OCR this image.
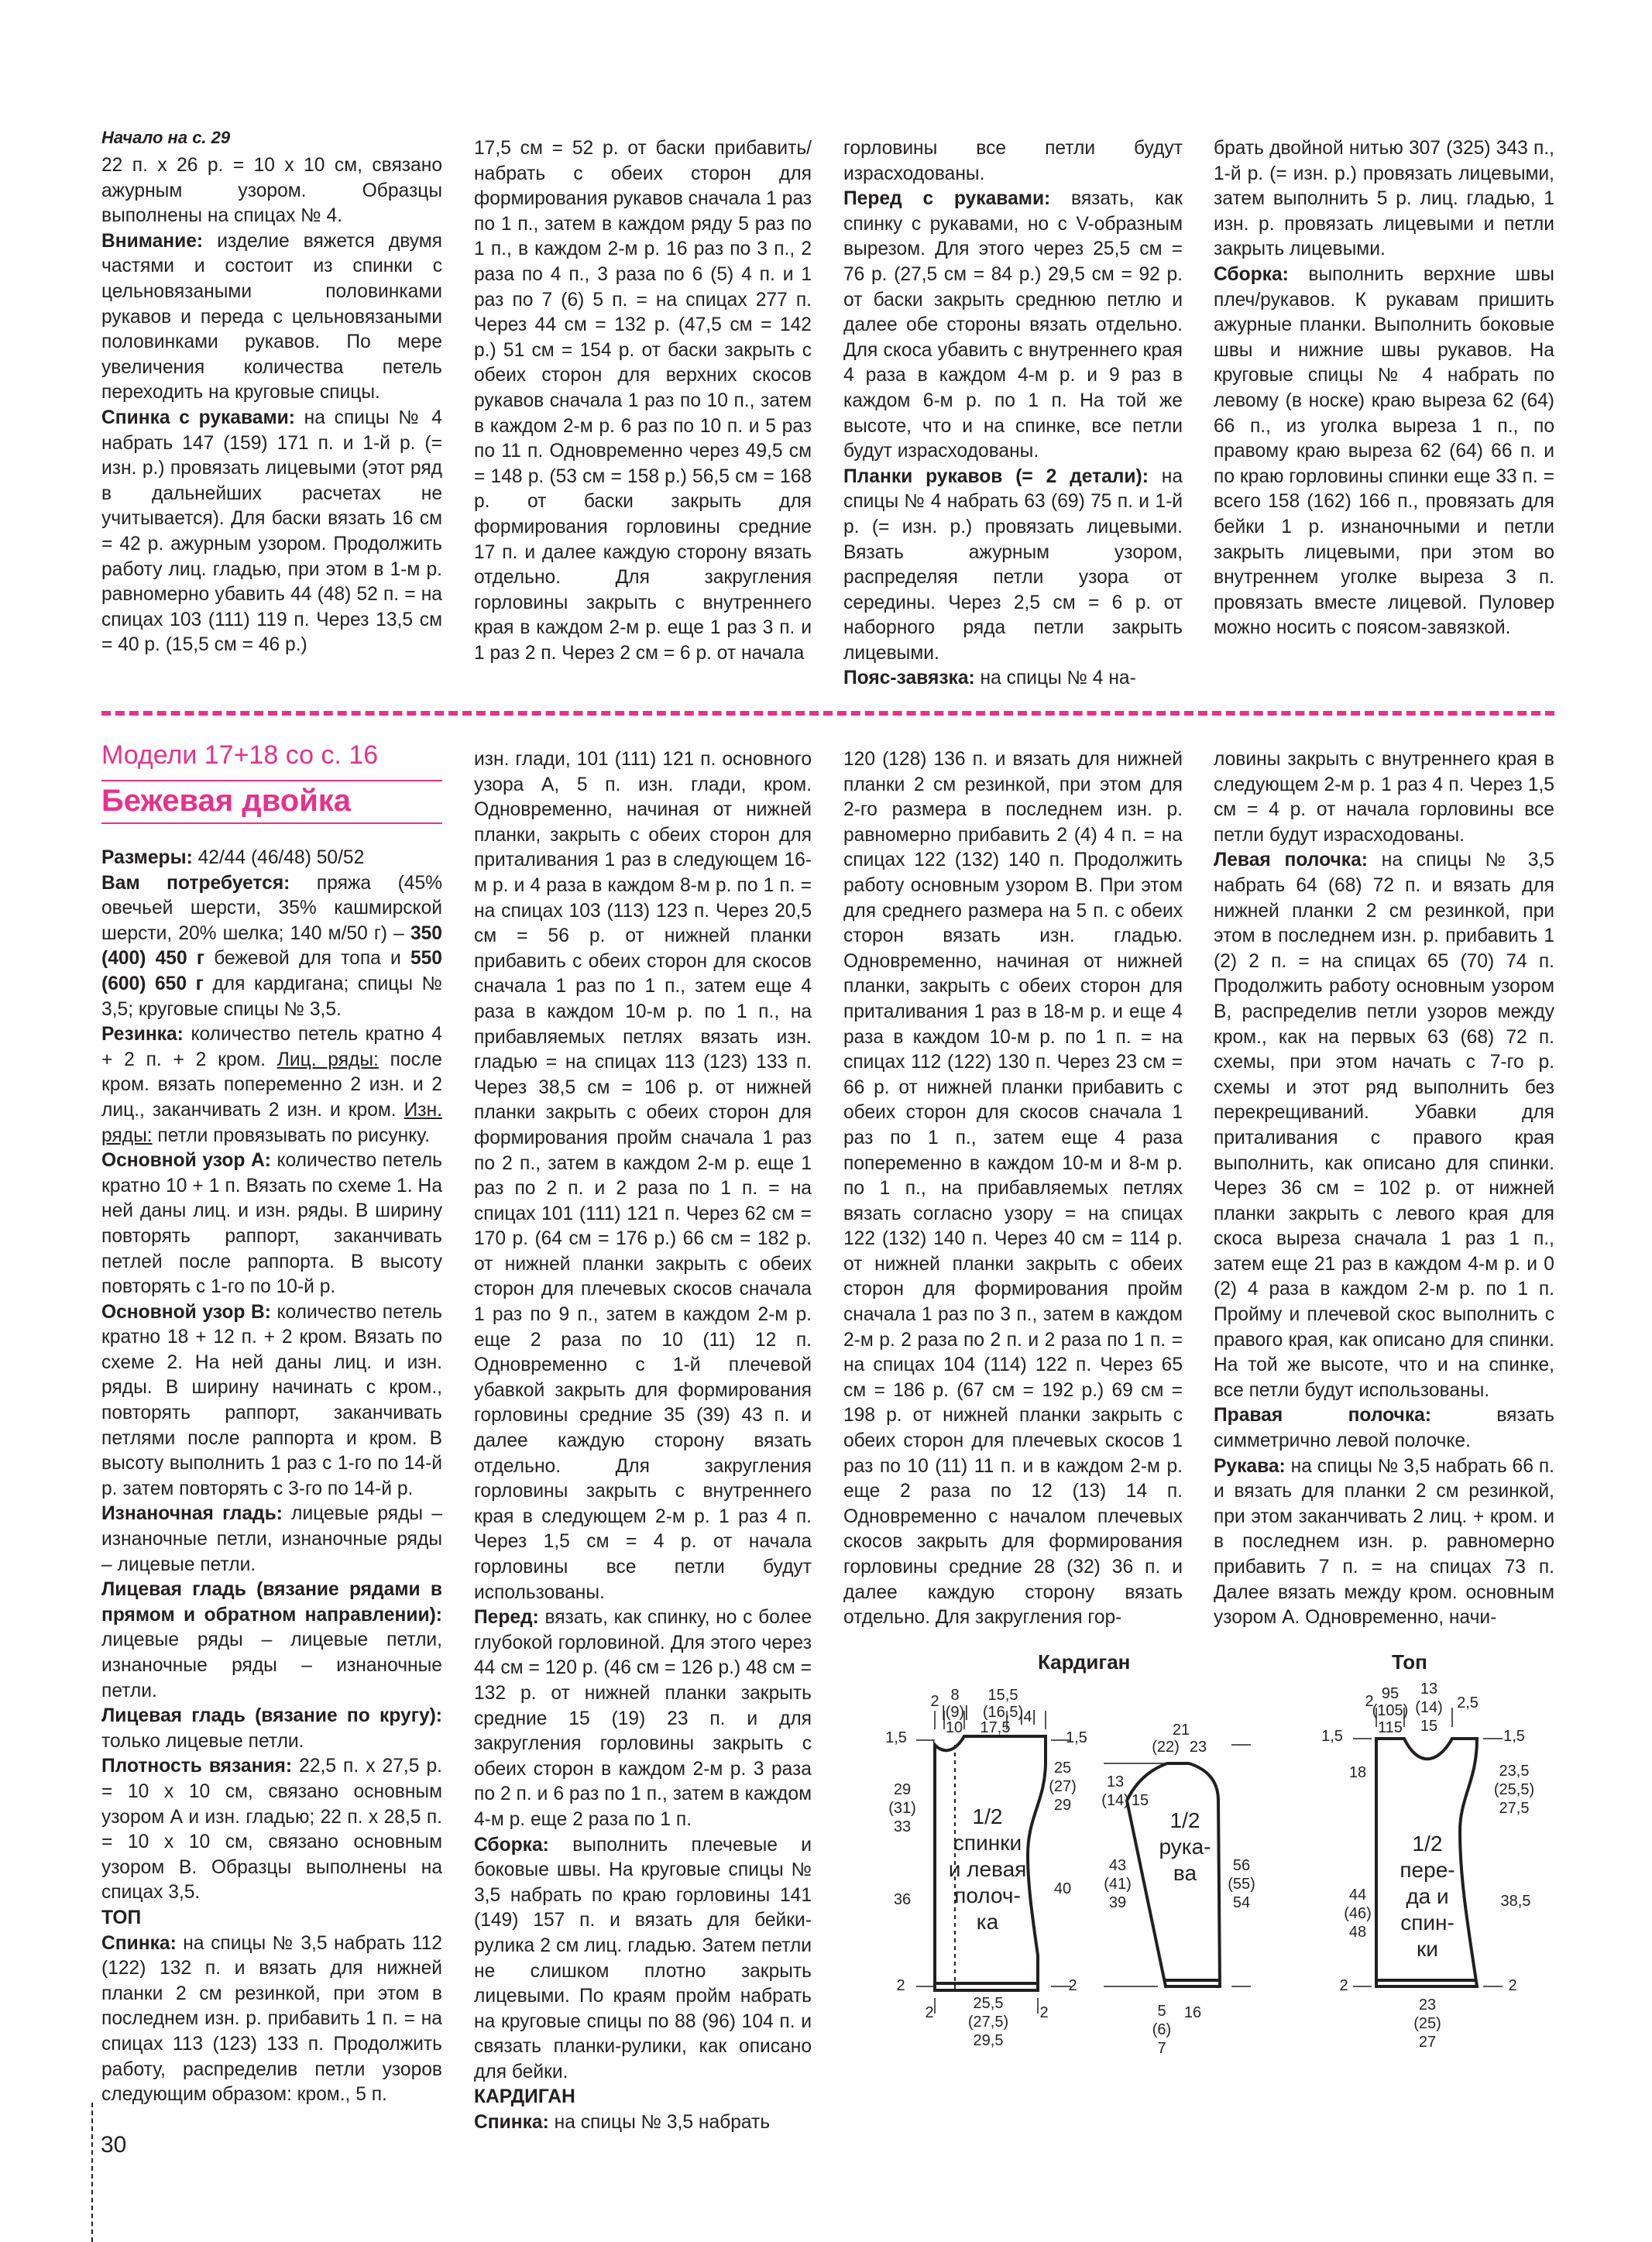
Начало на с. 29

22 п. х 26 р. = 10 х 10 см, связано ажурным узором. Образцы выполнены на спицах № 4.

Внимание: изделие вяжется двумя частями и состоит из спинки с цельновязаными половинками рукавов и переда с цельновязаными половинками рукавов. По мере увеличения количества петель переходить на круговые спицы.

Спинка с рукавами: на спицы № 4 набрать 147 (159) 171 п. и 1-й р. (= изн. р.) провязать лицевыми (этот ряд в дальнейших расчетах не учитывается). Для баски вязать 16 см = 42 р. ажурным узором. Продолжить работу лиц. гладью, при этом в 1-м р. равномерно убавить 44 (48) 52 п. = на спицах 103 (111) 119 п. Через 13,5 см = 40 р. (15,5 см = 46 р.)

17,5 см = 52 р. от баски прибавить/набрать с обеих сторон для формирования рукавов сначала 1 раз по 1 п., затем в каждом ряду 5 раз по 1 п., в каждом 2-м р. 16 раз по 3 п., 2 раза по 4 п., 3 раза по 6 (5) 4 п. и 1 раз по 7 (6) 5 п. = на спицах 277 п. Через 44 см = 132 р. (47,5 см = 142 р.) 51 см = 154 р. от баски закрыть с обеих сторон для верхних скосов рукавов сначала 1 раз по 10 п., затем в каждом 2-м р. 6 раз по 10 п. и 5 раз по 11 п. Одновременно через 49,5 см = 148 р. (53 см = 158 р.) 56,5 см = 168 р. от баски закрыть для формирования горловины средние 17 п. и далее каждую сторону вязать отдельно. Для закругления горловины закрыть с внутреннего края в каждом 2-м р. еще 1 раз 3 п. и 1 раз 2 п. Через 2 см = 6 р. от начала

горловины все петли будут израсходованы.

Перед с рукавами: вязать, как спинку с рукавами, но с V-образным вырезом. Для этого через 25,5 см = 76 р. (27,5 см = 84 р.) 29,5 см = 92 р. от баски закрыть среднюю петлю и далее обе стороны вязать отдельно. Для скоса убавить с внутреннего края 4 раза в каждом 4-м р. и 9 раз в каждом 6-м р. по 1 п. На той же высоте, что и на спинке, все петли будут израсходованы.

Планки рукавов (= 2 детали): на спицы № 4 набрать 63 (69) 75 п. и 1-й р. (= изн. р.) провязать лицевыми. Вязать ажурным узором, распределяя петли узора от середины. Через 2,5 см = 6 р. от наборного ряда петли закрыть лицевыми.

Пояс-завязка: на спицы № 4 на-

брать двойной нитью 307 (325) 343 п., 1-й р. (= изн. р.) провязать лицевыми, затем выполнить 5 р. лиц. гладью, 1 изн. р. провязать лицевыми и петли закрыть лицевыми.

Сборка: выполнить верхние швы плеч/рукавов. К рукавам пришить ажурные планки. Выполнить боковые швы и нижние швы рукавов. На круговые спицы № 4 набрать по левому (в носке) краю выреза 62 (64) 66 п., из уголка выреза 1 п., по правому краю выреза 62 (64) 66 п. и по краю горловины спинки еще 33 п. = всего 158 (162) 166 п., провязать для бейки 1 р. изнаночными и петли закрыть лицевыми, при этом во внутреннем уголке выреза 3 п. провязать вместе лицевой. Пуловер можно носить с поясом-завязкой.

Модели 17+18 со с. 16
Бежевая двойка

Размеры: 42/44 (46/48) 50/52

Вам потребуется: пряжа (45% овечьей шерсти, 35% кашмирской шерсти, 20% шелка; 140 м/50 г) – 350 (400) 450 г бежевой для топа и 550 (600) 650 г для кардигана; спицы № 3,5; круговые спицы № 3,5.

Резинка: количество петель кратно 4 + 2 п. + 2 кром. Лиц. ряды: после кром. вязать попеременно 2 изн. и 2 лиц., заканчивать 2 изн. и кром. Изн. ряды: петли провязывать по рисунку.

Основной узор А: количество петель кратно 10 + 1 п. Вязать по схеме 1. На ней даны лиц. и изн. ряды. В ширину повторять раппорт, заканчивать петлей после раппорта. В высоту повторять с 1-го по 10-й р.

Основной узор В: количество петель кратно 18 + 12 п. + 2 кром. Вязать по схеме 2. На ней даны лиц. и изн. ряды. В ширину начинать с кром., повторять раппорт, заканчивать петлями после раппорта и кром. В высоту выполнить 1 раз с 1-го по 14-й р. затем повторять с 3-го по 14-й р.

Изнаночная гладь: лицевые ряды – изнаночные петли, изнаночные ряды – лицевые петли.

Лицевая гладь (вязание рядами в прямом и обратном направлении): лицевые ряды – лицевые петли, изнаночные ряды – изнаночные петли.

Лицевая гладь (вязание по кругу): только лицевые петли.

Плотность вязания: 22,5 п. х 27,5 р. = 10 х 10 см, связано основным узором А и изн. гладью; 22 п. х 28,5 п. = 10 х 10 см, связано основным узором В. Образцы выполнены на спицах 3,5.

ТОП

Спинка: на спицы № 3,5 набрать 112 (122) 132 п. и вязать для нижней планки 2 см резинкой, при этом в последнем изн. р. прибавить 1 п. = на спицах 113 (123) 133 п. Продолжить работу, распределив петли узоров следующим образом: кром., 5 п.

изн. глади, 101 (111) 121 п. основного узора А, 5 п. изн. глади, кром. Одновременно, начиная от нижней планки, закрыть с обеих сторон для приталивания 1 раз в следующем 16-м р. и 4 раза в каждом 8-м р. по 1 п. = на спицах 103 (113) 123 п. Через 20,5 см = 56 р. от нижней планки прибавить с обеих сторон для скосов сначала 1 раз по 1 п., затем еще 4 раза в каждом 10-м р. по 1 п., на прибавляемых петлях вязать изн. гладью = на спицах 113 (123) 133 п. Через 38,5 см = 106 р. от нижней планки закрыть с обеих сторон для формирования пройм сначала 1 раз по 2 п., затем в каждом 2-м р. еще 1 раз по 2 п. и 2 раза по 1 п. = на спицах 101 (111) 121 п. Через 62 см = 170 р. (64 см = 176 р.) 66 см = 182 р. от нижней планки закрыть с обеих сторон для плечевых скосов сначала 1 раз по 9 п., затем в каждом 2-м р. еще 2 раза по 10 (11) 12 п. Одновременно с 1-й плечевой убавкой закрыть для формирования горловины средние 35 (39) 43 п. и далее каждую сторону вязать отдельно. Для закругления горловины закрыть с внутреннего края в следующем 2-м р. 1 раз 4 п. Через 1,5 см = 4 р. от начала горловины все петли будут использованы.

Перед: вязать, как спинку, но с более глубокой горловиной. Для этого через 44 см = 120 р. (46 см = 126 р.) 48 см = 132 р. от нижней планки закрыть средние 15 (19) 23 п. и для закругления горловины закрыть с обеих сторон в каждом 2-м р. 3 раза по 2 п. и 6 раз по 1 п., затем в каждом 4-м р. еще 2 раза по 1 п.

Сборка: выполнить плечевые и боковые швы. На круговые спицы № 3,5 набрать по краю горловины 141 (149) 157 п. и вязать для бейки-рулика 2 см лиц. гладью. Затем петли не слишком плотно закрыть лицевыми. По краям пройм набрать на круговые спицы по 88 (96) 104 п. и связать планки-рулики, как описано для бейки.

КАРДИГАН

Спинка: на спицы № 3,5 набрать

120 (128) 136 п. и вязать для нижней планки 2 см резинкой, при этом для 2-го размера в последнем изн. р. равномерно прибавить 2 (4) 4 п. = на спицах 122 (132) 140 п. Продолжить работу основным узором В. При этом для среднего размера на 5 п. с обеих сторон вязать изн. гладью. Одновременно, начиная от нижней планки, закрыть с обеих сторон для приталивания 1 раз в 18-м р. и еще 4 раза в каждом 10-м р. по 1 п. = на спицах 112 (122) 130 п. Через 23 см = 66 р. от нижней планки прибавить с обеих сторон для скосов сначала 1 раз по 1 п., затем еще 4 раза попеременно в каждом 10-м и 8-м р. по 1 п., на прибавляемых петлях вязать согласно узору = на спицах 122 (132) 140 п. Через 40 см = 114 р. от нижней планки закрыть с обеих сторон для формирования пройм сначала 1 раз по 3 п., затем в каждом 2-м р. 2 раза по 2 п. и 2 раза по 1 п. = на спицах 104 (114) 122 п. Через 65 см = 186 р. (67 см = 192 р.) 69 см = 198 р. от нижней планки закрыть с обеих сторон для плечевых скосов 1 раз по 10 (11) 11 п. и в каждом 2-м р. еще 2 раза по 12 (13) 14 п. Одновременно с началом плечевых скосов закрыть для формирования горловины средние 28 (32) 36 п. и далее каждую сторону вязать отдельно. Для закругления гор-

ловины закрыть с внутреннего края в следующем 2-м р. 1 раз 4 п. Через 1,5 см = 4 р. от начала горловины все петли будут израсходованы.

Левая полочка: на спицы № 3,5 набрать 64 (68) 72 п. и вязать для нижней планки 2 см резинкой, при этом в последнем изн. р. прибавить 1 (2) 2 п. = на спицах 65 (70) 74 п. Продолжить работу основным узором В, распределив петли узоров между кром., как на первых 63 (68) 72 п. схемы, при этом начать с 7-го р. схемы и этот ряд выполнить без перекрещиваний. Убавки для приталивания с правого края выполнить, как описано для спинки. Через 36 см = 102 р. от нижней планки закрыть с левого края для скоса выреза сначала 1 раз 1 п., затем еще 21 раз в каждом 4-м р. и 0 (2) 4 раза в каждом 2-м р. по 1 п. Пройму и плечевой скос выполнить с правого края, как описано для спинки. На той же высоте, что и на спинке, все петли будут использованы.

Правая полочка: вязать симметрично левой полочке.

Рукава: на спицы № 3,5 набрать 66 п. и вязать для планки 2 см резинкой, при этом заканчивать 2 лиц. + кром. и в последнем изн. р. равномерно прибавить 7 п. = на спицах 73 п. Далее вязать между кром. основным узором А. Одновременно, начи-

Кардиган	Топ
1/2
спинки
и левая
полоч-
ка
2 8 15,5
|(9)| (16,5)
10 17,5
|4|
1,5	1,5
25
(27)
29
29
(31)
33
36
40
2	2
2
25,5
(27,5)
29,5
2
1/2
рука-
ва
21
(22) 23
13
(14) 15
43
(41)
39
56
(55)
54
5
(6)
7
16
1/2
пере-
да и
спин-
ки
95
(105)
115
2
13
(14)
15
2,5
1,5	1,5
18	23,5
(25,5)
27,5
44
(46)
48
38,5
2	2
23
(25)
27
30
